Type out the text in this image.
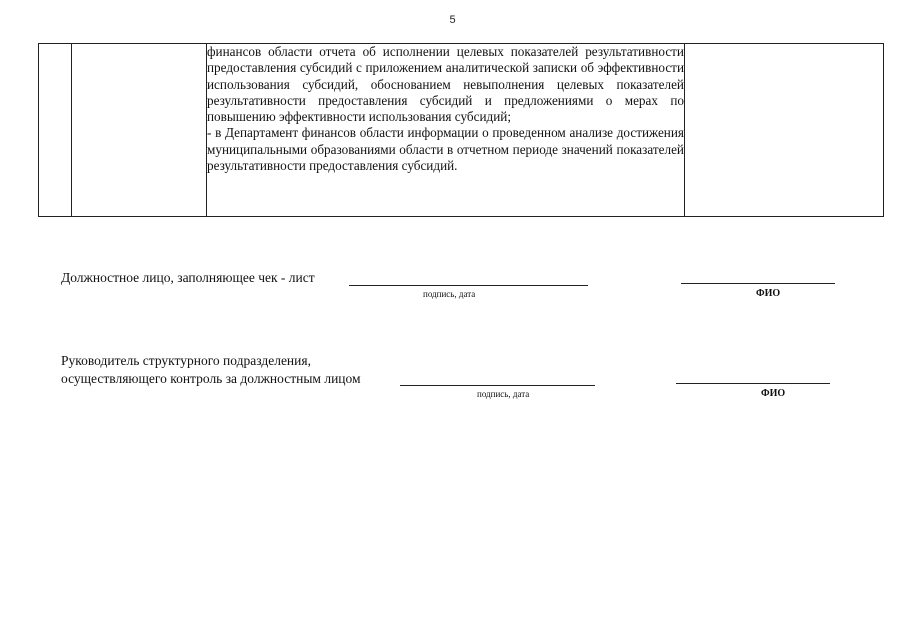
5

финансов области отчета об исполнении целевых показателей результативности предоставления субсидий с приложением аналитической записки об эффективности использования субсидий, обоснованием невыполнения целевых показателей результативности предоставления субсидий и предложениями о мерах по повышению эффективности использования субсидий;

- в Департамент финансов области информации о проведенном анализе достижения муниципальными образованиями области в отчетном периоде значений показателей результативности предоставления субсидий.

Должностное лицо, заполняющее чек - лист
подпись, дата	ФИО
Руководитель структурного подразделения,
осуществляющего контроль за должностным лицом
подпись, дата	ФИО
